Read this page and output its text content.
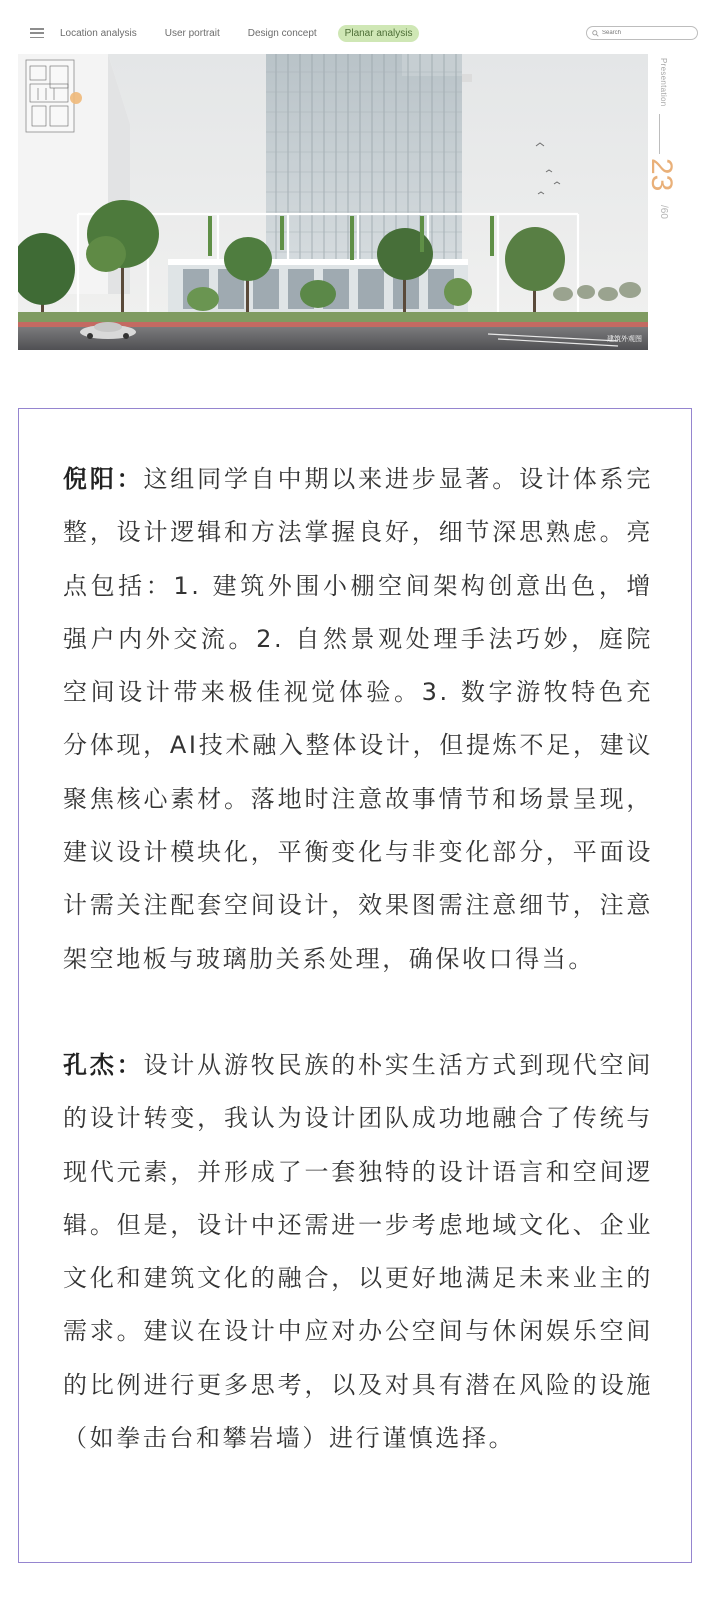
Location analysis	User portrait	Design concept	Planar analysis
Search
建筑外观图
Presentation
23
/60

倪阳：这组同学自中期以来进步显著。设计体系完整，设计逻辑和方法掌握良好，细节深思熟虑。亮点包括：1. 建筑外围小棚空间架构创意出色，增强户内外交流。2. 自然景观处理手法巧妙，庭院空间设计带来极佳视觉体验。3. 数字游牧特色充分体现，AI技术融入整体设计，但提炼不足，建议聚焦核心素材。落地时注意故事情节和场景呈现，建议设计模块化，平衡变化与非变化部分，平面设计需关注配套空间设计，效果图需注意细节，注意架空地板与玻璃肋关系处理，确保收口得当。

孔杰：设计从游牧民族的朴实生活方式到现代空间的设计转变，我认为设计团队成功地融合了传统与现代元素，并形成了一套独特的设计语言和空间逻辑。但是，设计中还需进一步考虑地域文化、企业文化和建筑文化的融合，以更好地满足未来业主的需求。建议在设计中应对办公空间与休闲娱乐空间的比例进行更多思考，以及对具有潜在风险的设施（如拳击台和攀岩墙）进行谨慎选择。
